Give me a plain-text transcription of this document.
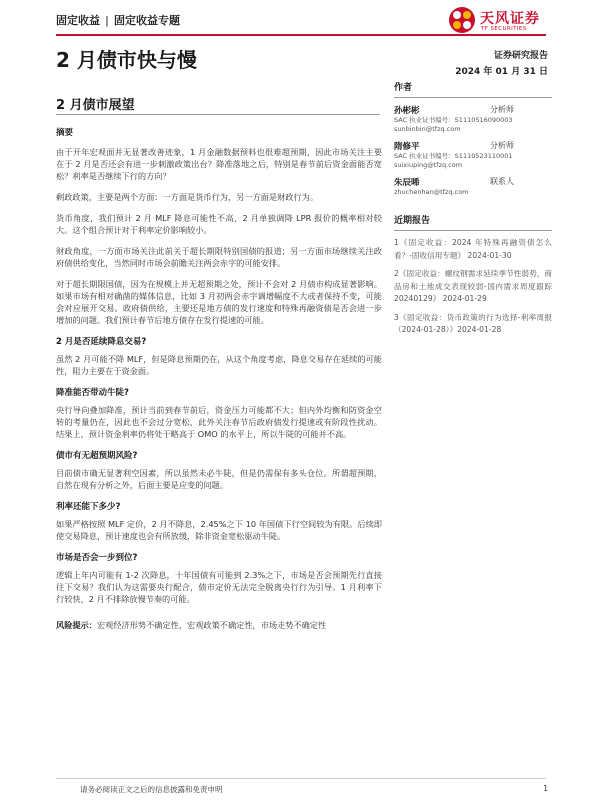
固定收益 | 固定收益专题	天风证券
TF SECURITIES
2 月债市快与慢	证券研究报告
2024 年 01 月 31 日
2 月债市展望
摘要

由于开年宏观面并无显著改善迹象，1 月金融数据预料也很难超预期，因此市场关注主要在于 2 月是否还会有进一步刺激政策出台？降准落地之后，特别是春节前后资金面能否宽松？利率是否继续下行的方向？

剩政政策，主要是两个方面：一方面是货币行为，另一方面是财政行为。

货币角度，我们预计 2 月 MLF 降息可能性不高，2 月单独调降 LPR 报价的概率相对较大。这个组合预计对于利率定价影响较小。

财政角度，一方面市场关注此前关于超长期限特别国债的报道；另一方面市场继续关注政府债供给变化，当然同时市场会前瞻关注两会赤字的可能安排。

对于超长期限国债，因为在规模上并无超预期之处，预计不会对 2 月债市构成显著影响。如果市场有相对确凿的媒体信息，比如 3 月初两会赤字调增幅度不大或者保持不变，可能会对应展开交易。政府债供给，主要还是地方债的发行速度和特殊再融资债是否会进一步增加的问题。我们预计春节后地方债存在发行提速的可能。

2 月是否延续降息交易?

虽然 2 月可能不降 MLF，但是降息预期仍在，从这个角度考虑，降息交易存在延续的可能性，阻力主要在于资金面。

降准能否带动牛陡?

央行导向叠加降准，预计当前到春节前后，资金压力可能都不大；但内外均衡和防资金空转的考量仍在，因此也不会过分宽松，此外关注春节后政府债发行提速或有阶段性扰动。结果上，预计资金利率仍将处于略高于 OMO 的水平上，所以牛陡的可能并不高。

债市有无超预期风险?

目前债市确无显著利空因素，所以虽然未必牛陡，但是仍需保有多头仓位。所谓超预期，自然在现有分析之外，后面主要是应变的问题。

利率还能下多少?

如果严格按照 MLF 定价，2 月不降息，2.45%之下 10 年国债下行空间较为有限。后续即使交易降息，预计速度也会有所放缓，除非资金宽松驱动牛陡。

市场是否会一步到位?

逻辑上年内可能有 1-2 次降息，十年国债有可能到 2.3%之下，市场是否会预期先行直接往下交易？我们认为这需要央行配合，债市定价无法完全脱离央行行为引导。1 月利率下行较快，2 月不排除放慢节奏的可能。

风险提示：宏观经济形势不确定性，宏观政策不确定性，市场走势不确定性

作者
孙彬彬	分析师
SAC 执业证书编号：S1110516090003
sunbinbin@tfzq.com
隋修平	分析师
SAC 执业证书编号：S1110523110001
suixiuping@tfzq.com
朱辰晞	联系人
zhuchenhan@tfzq.com
近期报告
1《固定收益：2024 年特殊再融资债怎么看？-固收信用专题》 2024-01-30
2《固定收益：螺纹钢需求延续季节性弱势，商品房和土地成交表现较弱-国内需求周度跟踪 20240129》 2024-01-29
3《固定收益：货币政策的行为选择-利率周报（2024-01-28）》2024-01-28
请务必阅读正文之后的信息披露和免责申明	1
